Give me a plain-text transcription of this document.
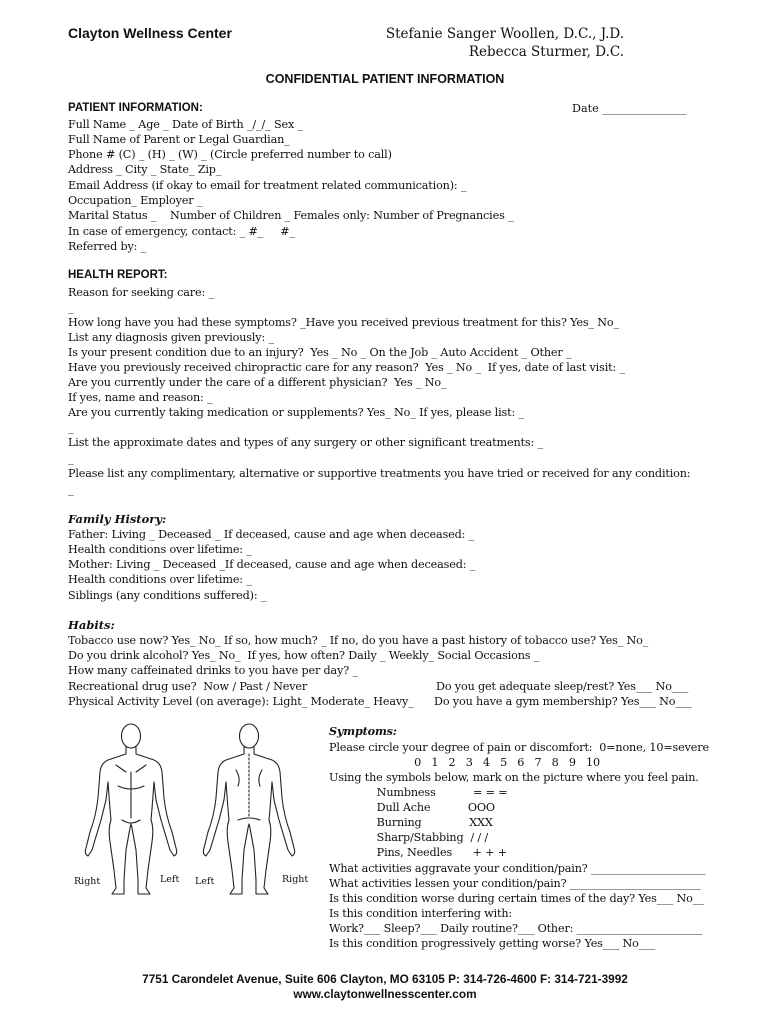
Clayton Wellness Center	Stefanie Sanger Woollen, D.C., J.D.
Rebecca Sturmer, D.C.
CONFIDENTIAL PATIENT INFORMATION
PATIENT INFORMATION:	Date _______________
Full Name _ Age _ Date of Birth _/_/_ Sex _
Full Name of Parent or Legal Guardian_
Phone # (C) _ (H) _ (W) _ (Circle preferred number to call)
Address _ City _ State_ Zip_
Email Address (if okay to email for treatment related communication): _
Occupation_ Employer _
Marital Status _    Number of Children _ Females only: Number of Pregnancies _
In case of emergency, contact: _ #_     #_
Referred by: _
HEALTH REPORT:
Reason for seeking care: _
_
How long have you had these symptoms? _Have you received previous treatment for this? Yes_ No_
List any diagnosis given previously: _
Is your present condition due to an injury?  Yes _ No _ On the Job _ Auto Accident _ Other _
Have you previously received chiropractic care for any reason?  Yes _ No _  If yes, date of last visit: _
Are you currently under the care of a different physician?  Yes _ No_
If yes, name and reason: _
Are you currently taking medication or supplements? Yes_ No_ If yes, please list: _
_
List the approximate dates and types of any surgery or other significant treatments: _
_
Please list any complimentary, alternative or supportive treatments you have tried or received for any condition:
_
Family History:
Father: Living _ Deceased _ If deceased, cause and age when deceased: _
Health conditions over lifetime: _
Mother: Living _ Deceased _If deceased, cause and age when deceased: _
Health conditions over lifetime: _
Siblings (any conditions suffered): _
Habits:
Tobacco use now? Yes_ No_ If so, how much? _ If no, do you have a past history of tobacco use? Yes_ No_
Do you drink alcohol? Yes_ No_  If yes, how often? Daily _ Weekly_ Social Occasions _
How many caffeinated drinks to you have per day? _
Recreational drug use?  Now / Past / Never	Do you get adequate sleep/rest? Yes___ No___
Physical Activity Level (on average): Light_ Moderate_ Heavy_	Do you have a gym membership? Yes___ No___
Right	Left Left	Right
Symptoms:
Please circle your degree of pain or discomfort:  0=none, 10=severe
0   1   2   3   4   5   6   7   8   9   10
Using the symbols below, mark on the picture where you feel pain.
Numbness           = = =
Dull Ache           OOO
Burning              XXX
Sharp/Stabbing  / / /
Pins, Needles      + + +
What activities aggravate your condition/pain? _____________________
What activities lessen your condition/pain? ________________________
Is this condition worse during certain times of the day? Yes___ No__
Is this condition interfering with:
Work?___ Sleep?___ Daily routine?___ Other: _______________________
Is this condition progressively getting worse? Yes___ No___
7751 Carondelet Avenue, Suite 606 Clayton, MO 63105 P: 314-726-4600 F: 314-721-3992
www.claytonwellnesscenter.com
